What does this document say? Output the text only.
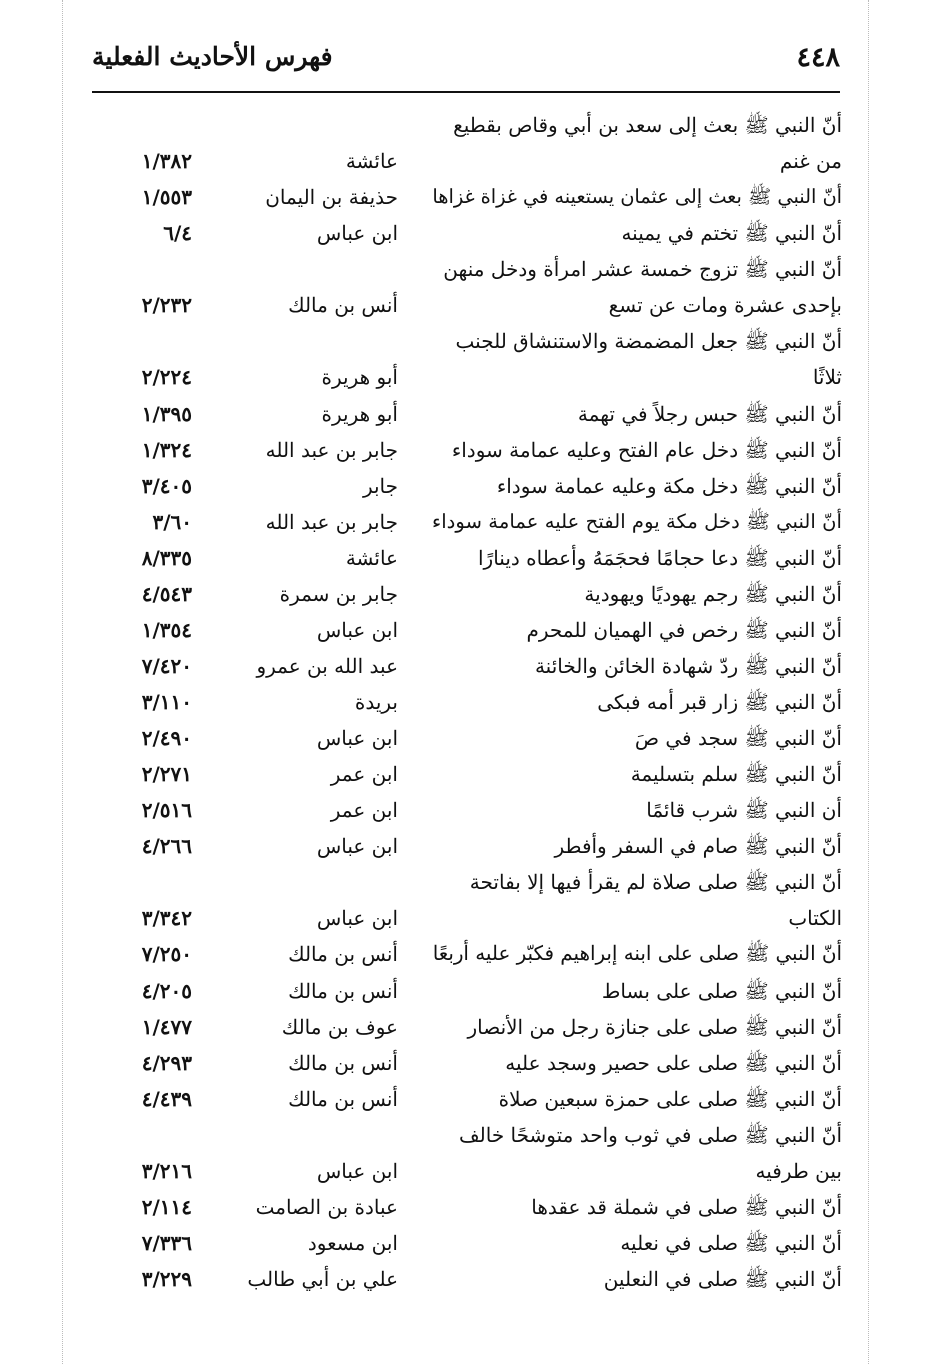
٤٤٨
فهرس الأحاديث الفعلية
أنّ النبي ﷺ بعث إلى سعد بن أبي وقاص بقطيع
من غنم
عائشة
١/٣٨٢
أنّ النبي ﷺ بعث إلى عثمان يستعينه في غزاة غزاها
حذيفة بن اليمان
١/٥٥٣
أنّ النبي ﷺ تختم في يمينه
ابن عباس
٦/٤
أنّ النبي ﷺ تزوج خمسة عشر امرأة ودخل منهن
بإحدى عشرة ومات عن تسع
أنس بن مالك
٢/٢٣٢
أنّ النبي ﷺ جعل المضمضة والاستنشاق للجنب
ثلاثًا
أبو هريرة
٢/٢٢٤
أنّ النبي ﷺ حبس رجلاً في تهمة
أبو هريرة
١/٣٩٥
أنّ النبي ﷺ دخل عام الفتح وعليه عمامة سوداء
جابر بن عبد الله
١/٣٢٤
أنّ النبي ﷺ دخل مكة وعليه عمامة سوداء
جابر
٣/٤٠٥
أنّ النبي ﷺ دخل مكة يوم الفتح عليه عمامة سوداء
جابر بن عبد الله
٣/٦٠
أنّ النبي ﷺ دعا حجامًا فحجَمَهُ وأعطاه دينارًا
عائشة
٨/٣٣٥
أنّ النبي ﷺ رجم يهوديًا ويهودية
جابر بن سمرة
٤/٥٤٣
أنّ النبي ﷺ رخص في الهميان للمحرم
ابن عباس
١/٣٥٤
أنّ النبي ﷺ ردّ شهادة الخائن والخائنة
عبد الله بن عمرو
٧/٤٢٠
أنّ النبي ﷺ زار قبر أمه فبكى
بريدة
٣/١١٠
أنّ النبي ﷺ سجد في صَ
ابن عباس
٢/٤٩٠
أنّ النبي ﷺ سلم بتسليمة
ابن عمر
٢/٢٧١
أن النبي ﷺ شرب قائمًا
ابن عمر
٢/٥١٦
أنّ النبي ﷺ صام في السفر وأفطر
ابن عباس
٤/٢٦٦
أنّ النبي ﷺ صلى صلاة لم يقرأ فيها إلا بفاتحة
الكتاب
ابن عباس
٣/٣٤٢
أنّ النبي ﷺ صلى على ابنه إبراهيم فكبّر عليه أربعًا
أنس بن مالك
٧/٢٥٠
أنّ النبي ﷺ صلى على بساط
أنس بن مالك
٤/٢٠٥
أنّ النبي ﷺ صلى على جنازة رجل من الأنصار
عوف بن مالك
١/٤٧٧
أنّ النبي ﷺ صلى على حصير وسجد عليه
أنس بن مالك
٤/٢٩٣
أنّ النبي ﷺ صلى على حمزة سبعين صلاة
أنس بن مالك
٤/٤٣٩
أنّ النبي ﷺ صلى في ثوب واحد متوشحًا خالف
بين طرفيه
ابن عباس
٣/٢١٦
أنّ النبي ﷺ صلى في شملة قد عقدها
عبادة بن الصامت
٢/١١٤
أنّ النبي ﷺ صلى في نعليه
ابن مسعود
٧/٣٣٦
أنّ النبي ﷺ صلى في النعلين
علي بن أبي طالب
٣/٢٢٩
